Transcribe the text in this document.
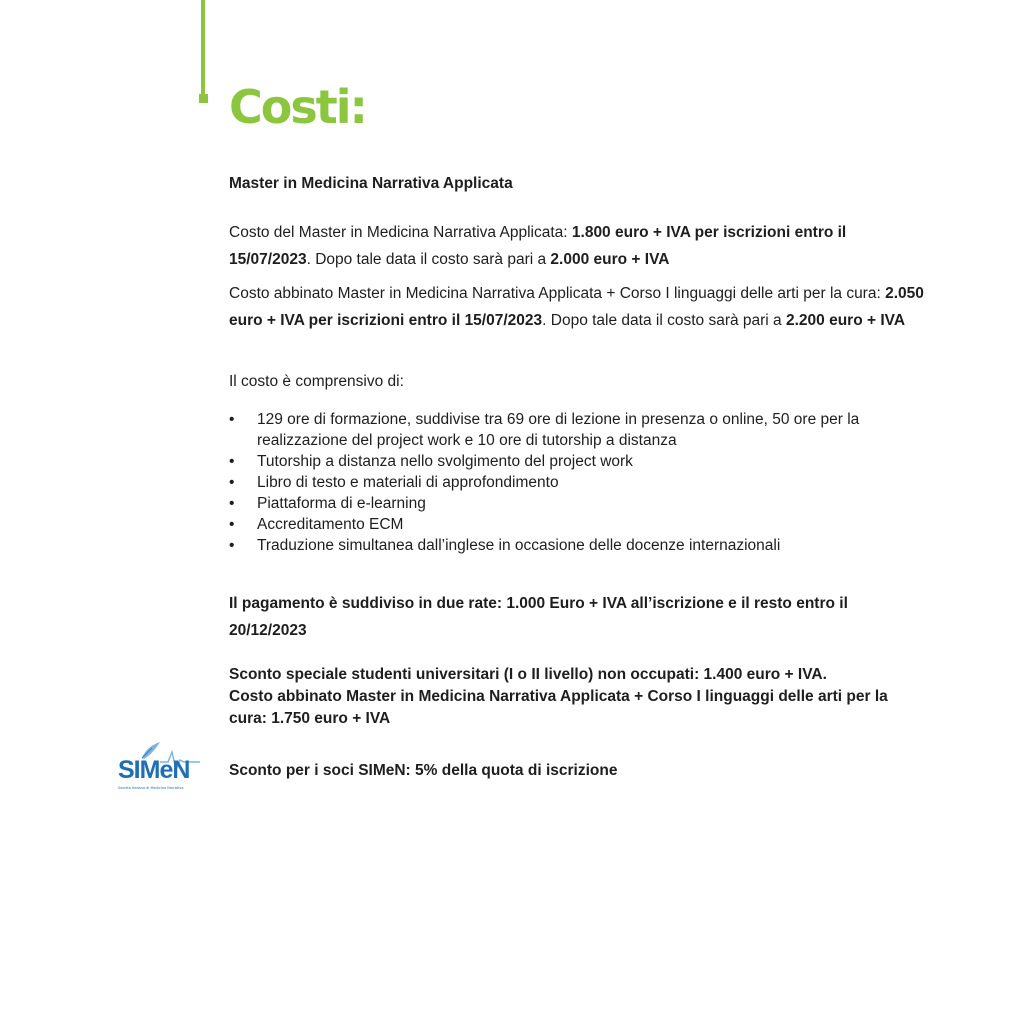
Costi:

Master in Medicina Narrativa Applicata

Costo del Master in Medicina Narrativa Applicata: 1.800 euro + IVA per iscrizioni entro il 15/07/2023. Dopo tale data il costo sarà pari a 2.000 euro + IVA

Costo abbinato Master in Medicina Narrativa Applicata + Corso I linguaggi delle arti per la cura: 2.050 euro + IVA per iscrizioni entro il 15/07/2023. Dopo tale data il costo sarà pari a 2.200 euro + IVA

Il costo è comprensivo di:

• 129 ore di formazione, suddivise tra 69 ore di lezione in presenza o online, 50 ore per la realizzazione del project work e 10 ore di tutorship a distanza
• Tutorship a distanza nello svolgimento del project work
• Libro di testo e materiali di approfondimento
• Piattaforma di e-learning
• Accreditamento ECM
• Traduzione simultanea dall’inglese in occasione delle docenze internazionali

Il pagamento è suddiviso in due rate: 1.000 Euro + IVA all’iscrizione e il resto entro il 20/12/2023

Sconto speciale studenti universitari (I o II livello) non occupati: 1.400 euro + IVA.
Costo abbinato Master in Medicina Narrativa Applicata + Corso I linguaggi delle arti per la cura: 1.750 euro + IVA

Sconto per i soci SIMeN: 5% della quota di iscrizione

SIMeN
Società Italiana di Medicina Narrativa
